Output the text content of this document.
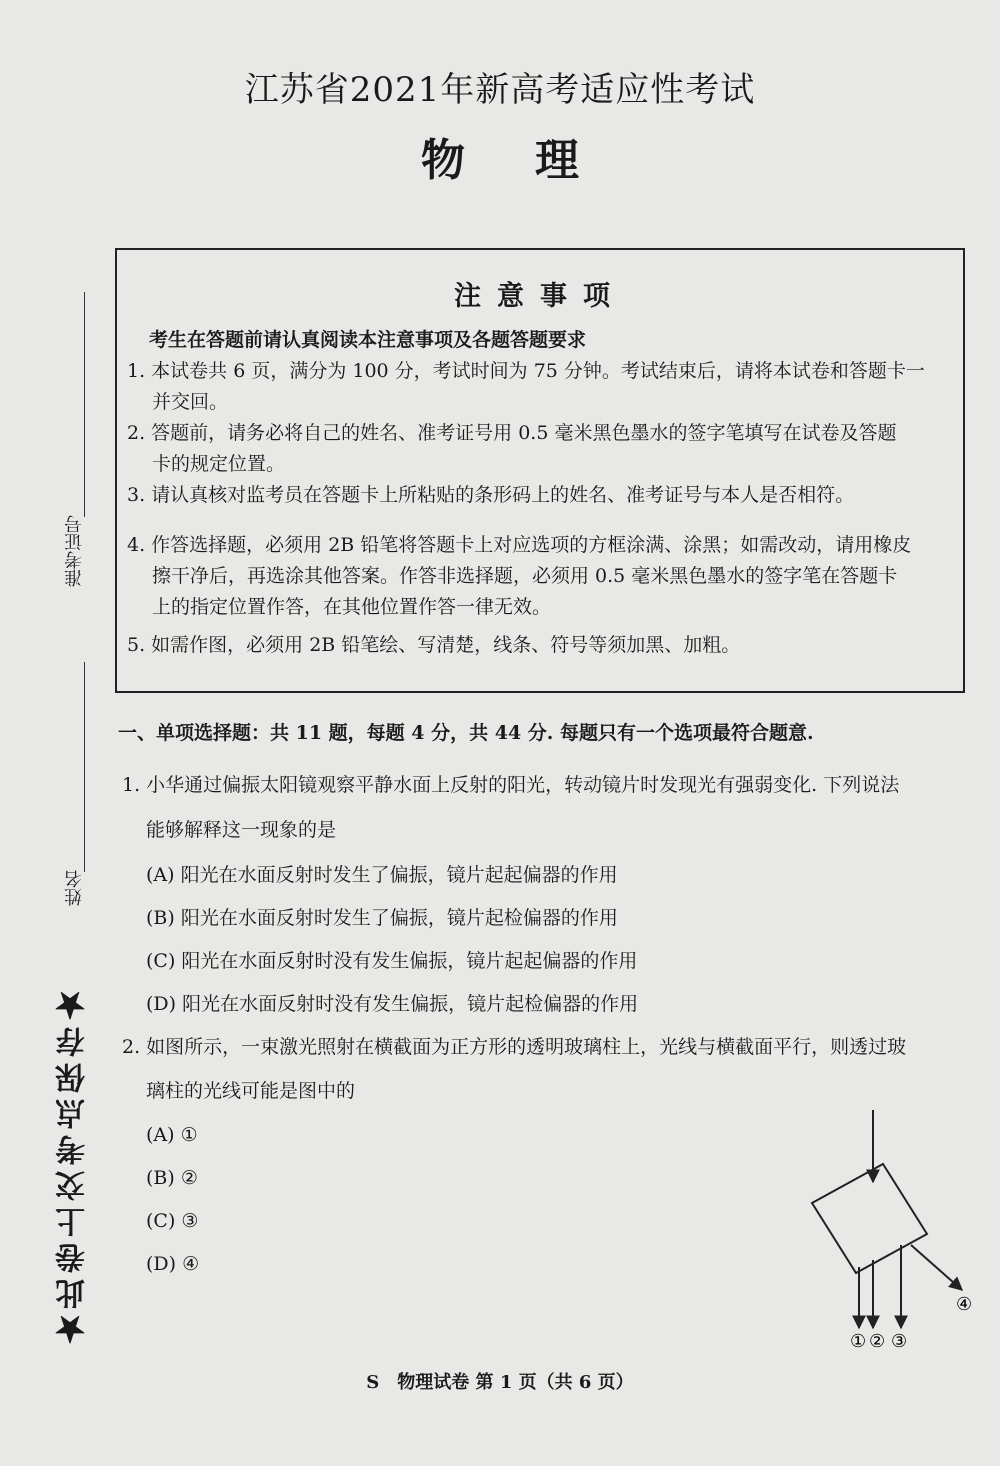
江苏省2021年新高考适应性考试
物理
准考证号
姓名
★此卷上交考点保存★
注意事项
考生在答题前请认真阅读本注意事项及各题答题要求

1. 本试卷共 6 页，满分为 100 分，考试时间为 75 分钟。考试结束后，请将本试卷和答题卡一

并交回。

2. 答题前，请务必将自己的姓名、准考证号用 0.5 毫米黑色墨水的签字笔填写在试卷及答题

卡的规定位置。

3. 请认真核对监考员在答题卡上所粘贴的条形码上的姓名、准考证号与本人是否相符。

4. 作答选择题，必须用 2B 铅笔将答题卡上对应选项的方框涂满、涂黑；如需改动，请用橡皮

擦干净后，再选涂其他答案。作答非选择题，必须用 0.5 毫米黑色墨水的签字笔在答题卡

上的指定位置作答，在其他位置作答一律无效。

5. 如需作图，必须用 2B 铅笔绘、写清楚，线条、符号等须加黑、加粗。

一、单项选择题：共 11 题，每题 4 分，共 44 分. 每题只有一个选项最符合题意.
1. 小华通过偏振太阳镜观察平静水面上反射的阳光，转动镜片时发现光有强弱变化. 下列说法
能够解释这一现象的是
(A) 阳光在水面反射时发生了偏振，镜片起起偏器的作用
(B) 阳光在水面反射时发生了偏振，镜片起检偏器的作用
(C) 阳光在水面反射时没有发生偏振，镜片起起偏器的作用
(D) 阳光在水面反射时没有发生偏振，镜片起检偏器的作用
2. 如图所示，一束激光照射在横截面为正方形的透明玻璃柱上，光线与横截面平行，则透过玻
璃柱的光线可能是图中的
(A) ①
(B) ②
(C) ③
(D) ④
① ② ③
④
S　物理试卷 第 1 页（共 6 页）
